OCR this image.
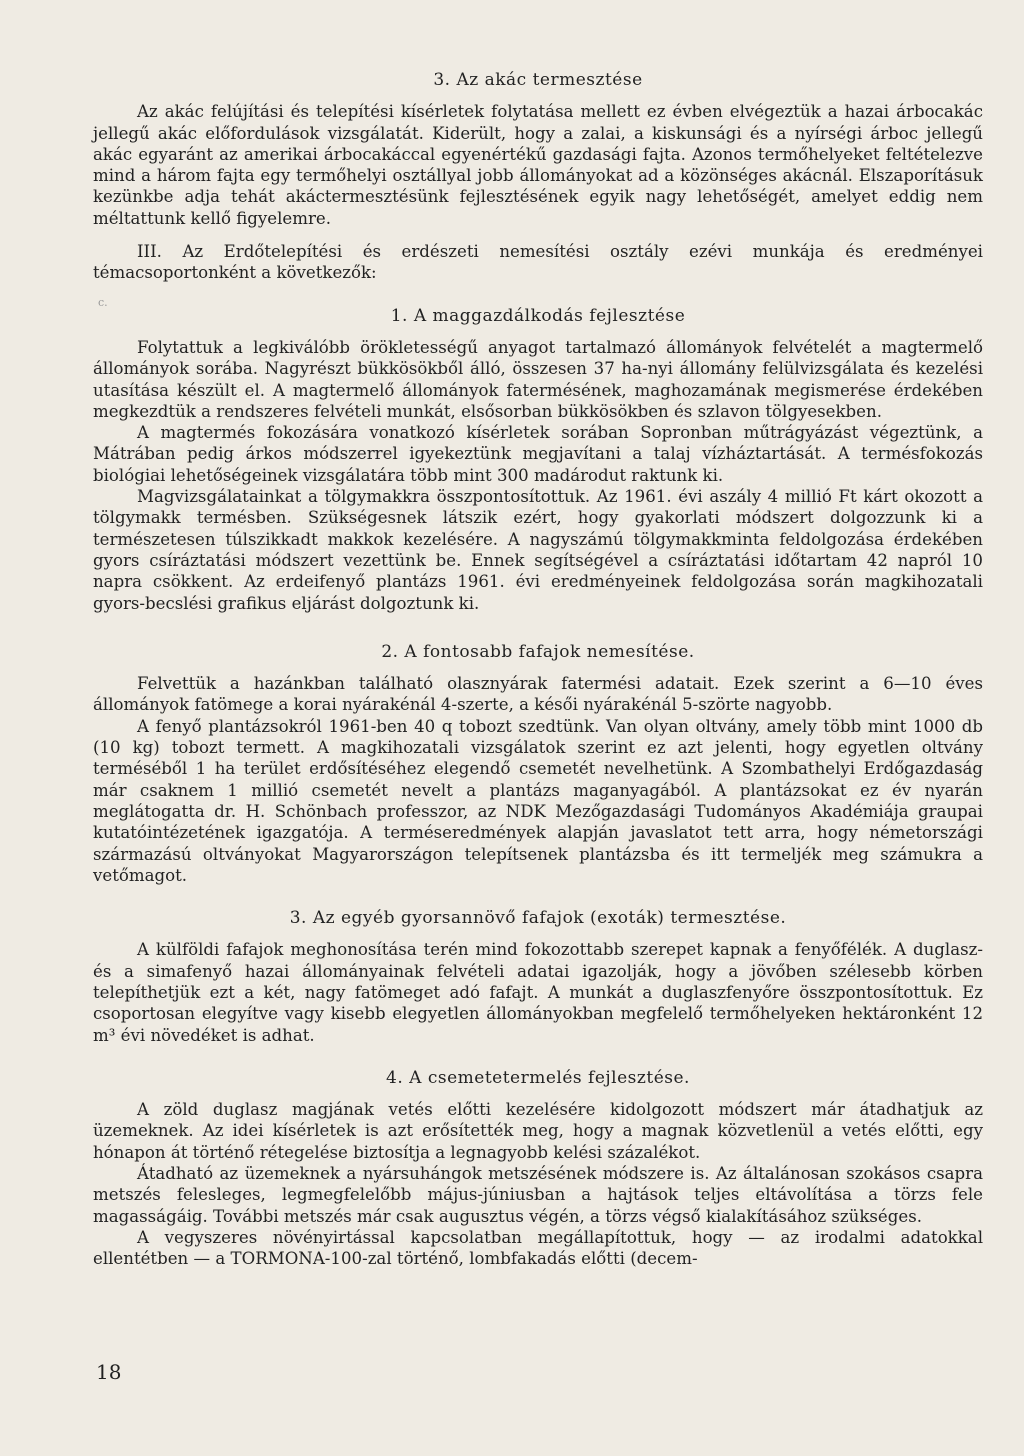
3. Az akác termesztése

Az akác felújítási és telepítési kísérletek folytatása mellett ez évben elvégeztük a hazai árbocakác jellegű akác előfordulások vizsgálatát. Kiderült, hogy a zalai, a kiskunsági és a nyírségi árboc jellegű akác egyaránt az amerikai árbocakáccal egyenértékű gazdasági fajta. Azonos termőhelyeket feltételezve mind a három fajta egy termőhelyi osztállyal jobb állományokat ad a közönséges akácnál. Elszaporításuk kezünkbe adja tehát akáctermesztésünk fejlesztésének egyik nagy lehetőségét, amelyet eddig nem méltattunk kellő figyelemre.

III. Az Erdőtelepítési és erdészeti nemesítési osztály ezévi munkája és eredményei témacsoportonként a következők:

1. A maggazdálkodás fejlesztése

Folytattuk a legkiválóbb örökletességű anyagot tartalmazó állományok felvételét a magtermelő állományok sorába. Nagyrészt bükkösökből álló, összesen 37 ha-nyi állomány felülvizsgálata és kezelési utasítása készült el. A magtermelő állományok fatermésének, maghozamának megismerése érdekében megkezdtük a rendszeres felvételi munkát, elsősorban bükkösökben és szlavon tölgyesekben.

A magtermés fokozására vonatkozó kísérletek sorában Sopronban műtrágyázást végeztünk, a Mátrában pedig árkos módszerrel igyekeztünk megjavítani a talaj vízháztartását. A termésfokozás biológiai lehetőségeinek vizsgálatára több mint 300 madárodut raktunk ki.

Magvizsgálatainkat a tölgymakkra összpontosítottuk. Az 1961. évi aszály 4 millió Ft kárt okozott a tölgymakk termésben. Szükségesnek látszik ezért, hogy gyakorlati módszert dolgozzunk ki a természetesen túlszikkadt makkok kezelésére. A nagyszámú tölgymakkminta feldolgozása érdekében gyors csíráztatási módszert vezettünk be. Ennek segítségével a csíráztatási időtartam 42 napról 10 napra csökkent. Az erdeifenyő plantázs 1961. évi eredményeinek feldolgozása során magkihozatali gyors-becslési grafikus eljárást dolgoztunk ki.

2. A fontosabb fafajok nemesítése.

Felvettük a hazánkban található olasznyárak fatermési adatait. Ezek szerint a 6—10 éves állományok fatömege a korai nyárakénál 4-szerte, a késői nyárakénál 5-szörte nagyobb.

A fenyő plantázsokról 1961-ben 40 q tobozt szedtünk. Van olyan oltvány, amely több mint 1000 db (10 kg) tobozt termett. A magkihozatali vizsgálatok szerint ez azt jelenti, hogy egyetlen oltvány terméséből 1 ha terület erdősítéséhez elegendő csemetét nevelhetünk. A Szombathelyi Erdőgazdaság már csaknem 1 millió csemetét nevelt a plantázs maganyagából. A plantázsokat ez év nyarán meglátogatta dr. H. Schönbach professzor, az NDK Mezőgazdasági Tudományos Akadémiája graupai kutatóintézetének igazgatója. A terméseredmények alapján javaslatot tett arra, hogy németországi származású oltványokat Magyarországon telepítsenek plantázsba és itt termeljék meg számukra a vetőmagot.

3. Az egyéb gyorsannövő fafajok (exoták) termesztése.

A külföldi fafajok meghonosítása terén mind fokozottabb szerepet kapnak a fenyőfélék. A duglasz- és a simafenyő hazai állományainak felvételi adatai igazolják, hogy a jövőben szélesebb körben telepíthetjük ezt a két, nagy fatömeget adó fafajt. A munkát a duglaszfenyőre összpontosítottuk. Ez csoportosan elegyítve vagy kisebb elegyetlen állományokban megfelelő termőhelyeken hektáronként 12 m³ évi növedéket is adhat.

4. A csemetetermelés fejlesztése.

A zöld duglasz magjának vetés előtti kezelésére kidolgozott módszert már átadhatjuk az üzemeknek. Az idei kísérletek is azt erősítették meg, hogy a magnak közvetlenül a vetés előtti, egy hónapon át történő rétegelése biztosítja a legnagyobb kelési százalékot.

Átadható az üzemeknek a nyársuhángok metszésének módszere is. Az általánosan szokásos csapra metszés felesleges, legmegfelelőbb május-júniusban a hajtások teljes eltávolítása a törzs fele magasságáig. További metszés már csak augusztus végén, a törzs végső kialakításához szükséges.

A vegyszeres növényirtással kapcsolatban megállapítottuk, hogy — az irodalmi adatokkal ellentétben — a TORMONA-100-zal történő, lombfakadás előtti (decem-

c.
18
